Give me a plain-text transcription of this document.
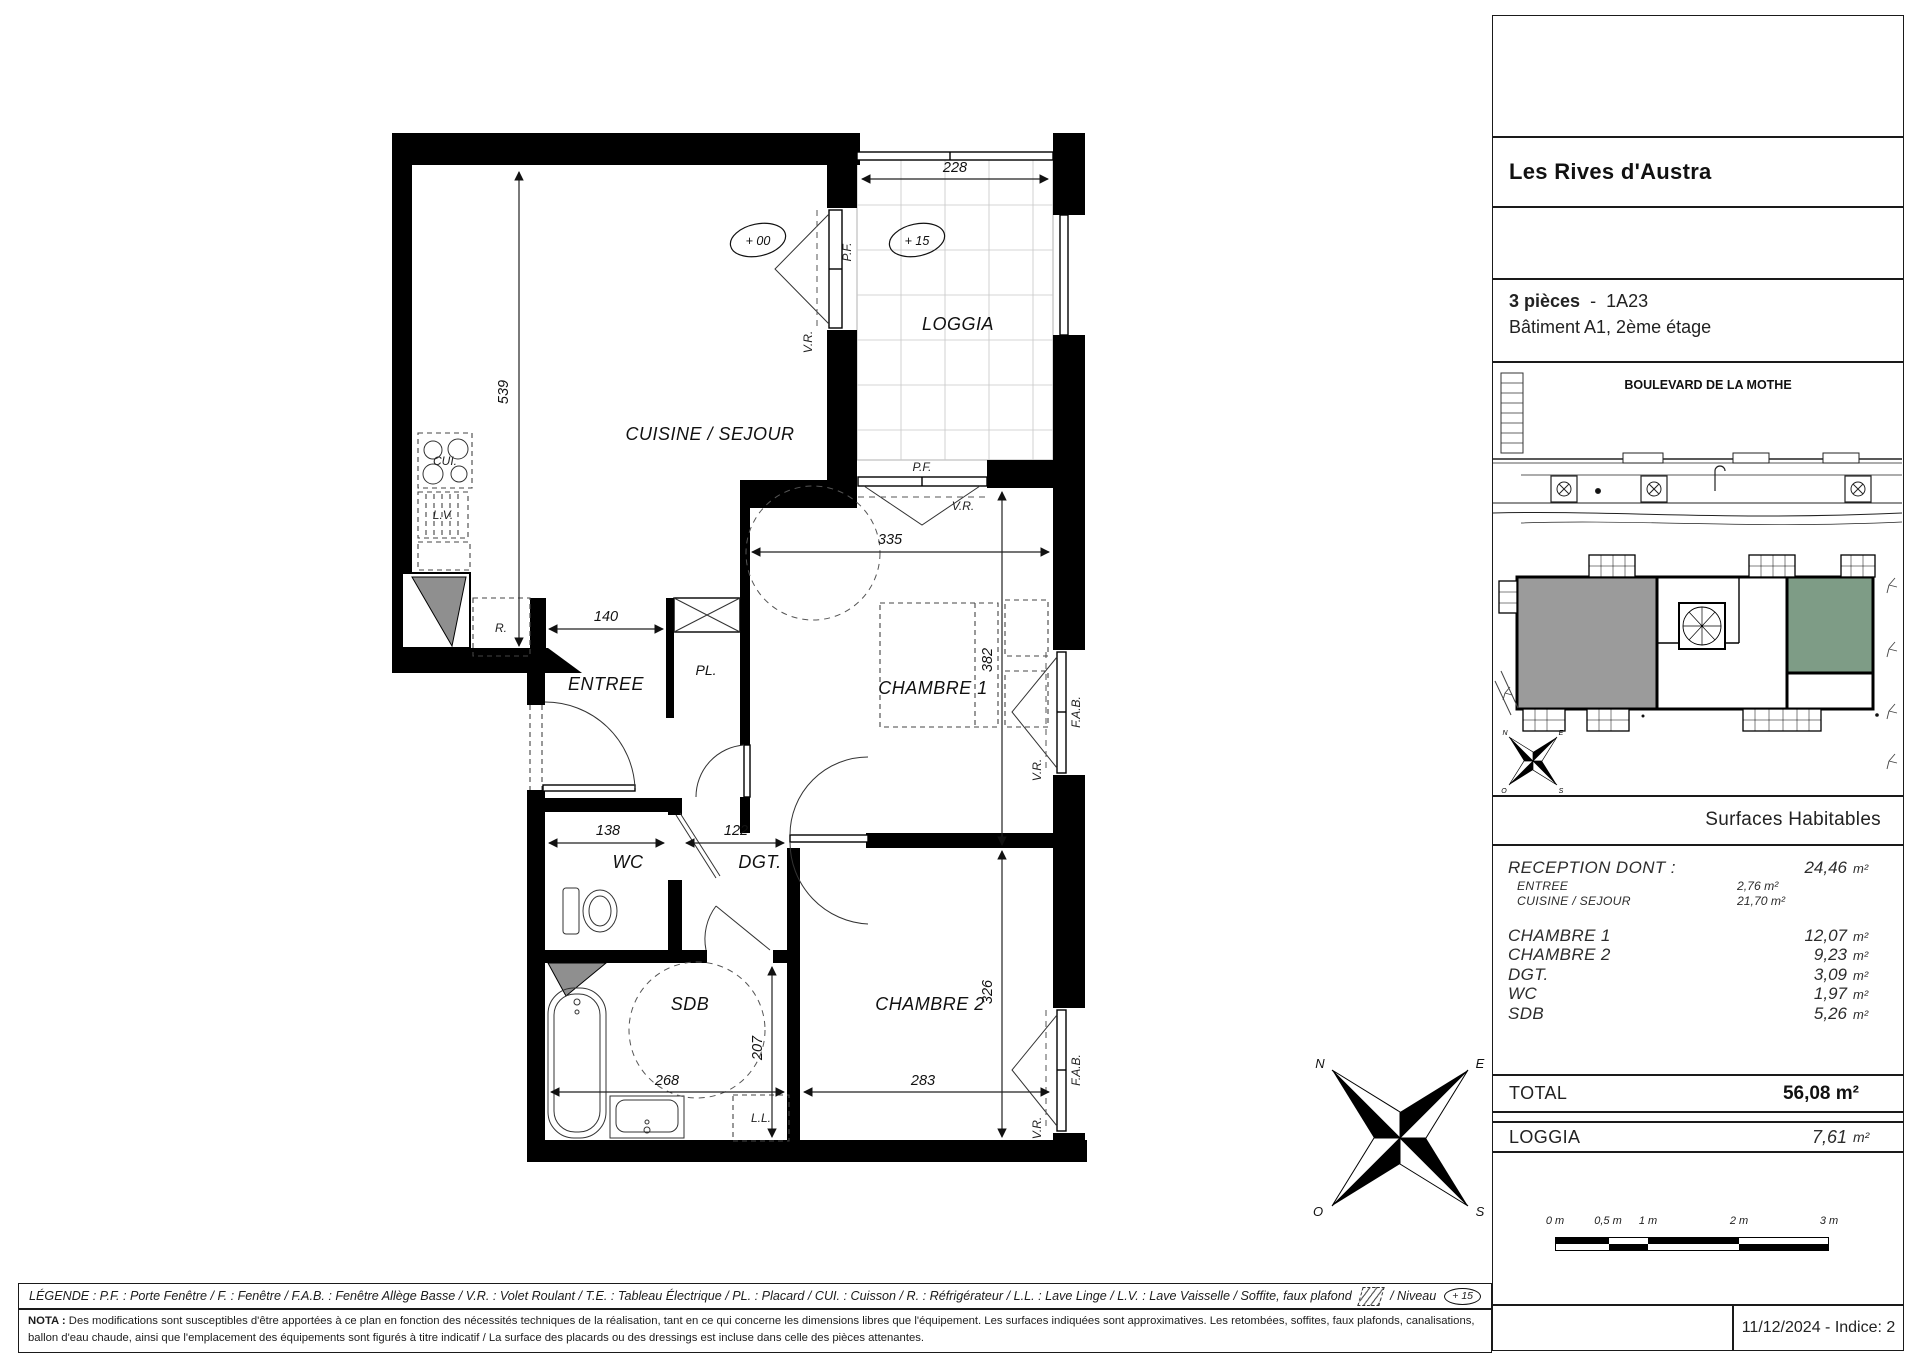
+ 00	+ 15
228
539
140
335
382
138	122
268
207
283
326
CUISINE / SEJOUR
LOGGIA
ENTREE	CHAMBRE 1
CHAMBRE 2
WC	DGT.
SDB
PL.
CUI.
L.V.
R.
L.L.
P.F.
V.R.
P.F.
V.R.
F.A.B.
V.R.
F.A.B.
V.R.
N	E
O	S
Les Rives d'Austra
3 pièces - 1A23
Bâtiment A1, 2ème étage
BOULEVARD DE LA MOTHE
N	E
O	S
Surfaces Habitables
RECEPTION DONT :	24,46 m²
ENTREE	2,76 m²
CUISINE / SEJOUR	21,70 m²
CHAMBRE 1	12,07 m²
CHAMBRE 2	9,23 m²
DGT.	3,09 m²
WC	1,97 m²
SDB	5,26 m²
TOTAL	56,08 m²
LOGGIA	7,61 m²
0 m	0,5 m 1 m	2 m	3 m
11/12/2024 - Indice: 2
LÉGENDE : P.F. : Porte Fenêtre / F. : Fenêtre / F.A.B. : Fenêtre Allège Basse / V.R. : Volet Roulant / T.E. : Tableau Électrique / PL. : Placard / CUI. : Cuisson / R. : Réfrigérateur / L.L. : Lave Linge / L.V. : Lave Vaisselle / Soffite, faux plafond	/ Niveau	+ 15
NOTA : Des modifications sont susceptibles d'être apportées à ce plan en fonction des nécessités techniques de la réalisation, tant en ce qui concerne les dimensions libres que l'équipement. Les surfaces indiquées sont approximatives. Les retombées, soffites, faux plafonds, canalisations, ballon d'eau chaude, ainsi que l'emplacement des équipements sont figurés à titre indicatif / La surface des placards ou des dressings est incluse dans celle des pièces attenantes.
